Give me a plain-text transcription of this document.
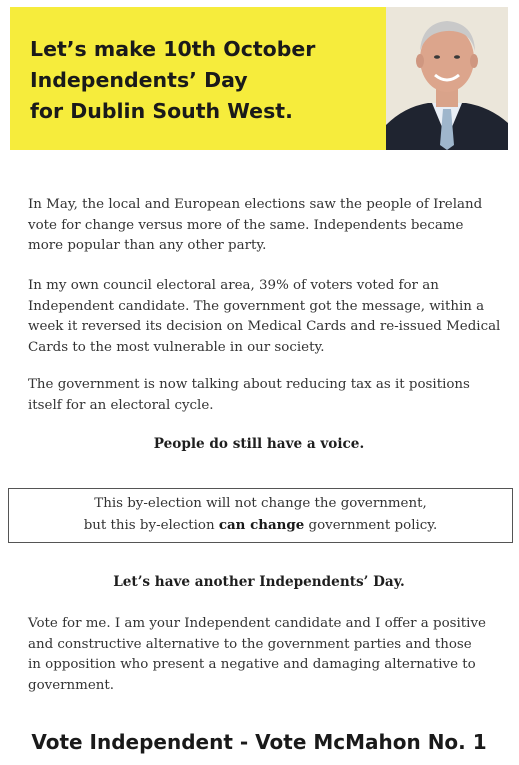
Let’s make 10th October
Independents’ Day
for Dublin South West.

In May, the local and European elections saw the people of Ireland
vote for change versus more of the same. Independents became
more popular than any other party.

In my own council electoral area, 39% of voters voted for an
Independent candidate. The government got the message, within a
week it reversed its decision on Medical Cards and re-issued Medical
Cards to the most vulnerable in our society.

The government is now talking about reducing tax as it positions
itself for an electoral cycle.

People do still have a voice.

This by-election will not change the government,
but this by-election can change government policy.

Let’s have another Independents’ Day.

Vote for me. I am your Independent candidate and I offer a positive
and constructive alternative to the government parties and those
in opposition who present a negative and damaging alternative to
government.

Vote Independent - Vote McMahon No. 1
